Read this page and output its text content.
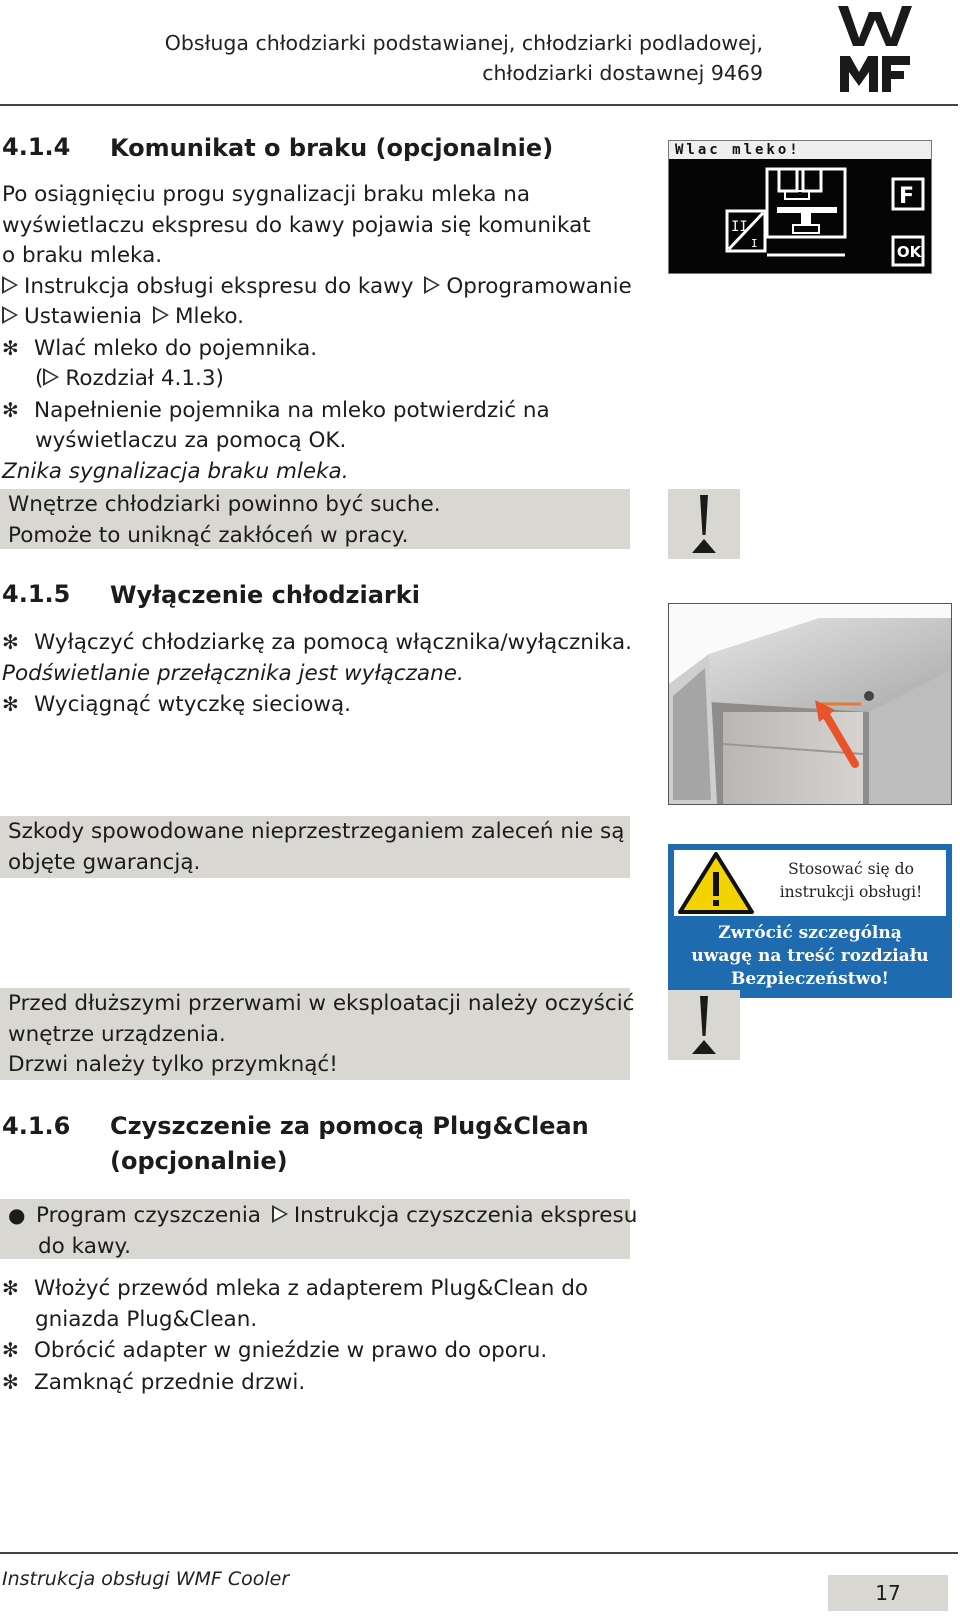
Obsługa chłodziarki podstawianej, chłodziarki podladowej,
chłodziarki dostawnej 9469
4.1.4 Komunikat o braku (opcjonalnie)
Po osiągnięciu progu sygnalizacji braku mleka na
wyświetlaczu ekspresu do kawy pojawia się komunikat
o braku mleka.
Instrukcja obsługi ekspresu do kawy Oprogramowanie
Ustawienia Mleko.
✻ Wlać mleko do pojemnika.
( Rozdział 4.1.3)
✻ Napełnienie pojemnika na mleko potwierdzić na
wyświetlaczu za pomocą OK.
Znika sygnalizacja braku mleka.
Wnętrze chłodziarki powinno być suche.
Pomoże to uniknąć zakłóceń w pracy.
Wlac mleko!
II
I
F
OK
4.1.5 Wyłączenie chłodziarki
✻ Wyłączyć chłodziarkę za pomocą włącznika/wyłącznika.
Podświetlanie przełącznika jest wyłączane.
✻ Wyciągnąć wtyczkę sieciową.
Szkody spowodowane nieprzestrzeganiem zaleceń nie są
objęte gwarancją.	Stosować się do
instrukcji obsługi!
Zwrócić szczególną
uwagę na treść rozdziału
Bezpieczeństwo!
Przed dłuższymi przerwami w eksploatacji należy oczyścić
wnętrze urządzenia.
Drzwi należy tylko przymknąć!
4.1.6 Czyszczenie za pomocą Plug&Clean
(opcjonalnie)
● Program czyszczenia Instrukcja czyszczenia ekspresu
do kawy.
✻ Włożyć przewód mleka z adapterem Plug&Clean do
gniazda Plug&Clean.
✻ Obrócić adapter w gnieździe w prawo do oporu.
✻ Zamknąć przednie drzwi.
Instrukcja obsługi WMF Cooler
17
